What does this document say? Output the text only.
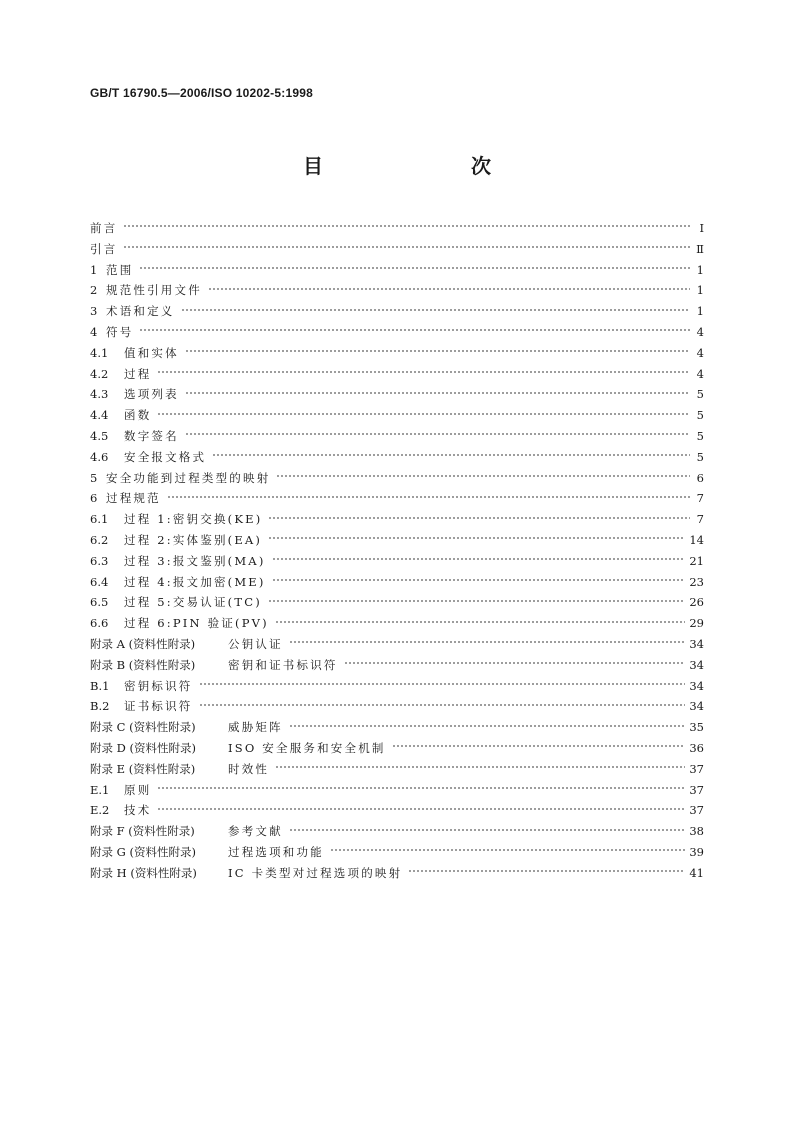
GB/T 16790.5—2006/ISO 10202-5:1998
目　　次
前言	Ⅰ
引言	Ⅱ
1 范围	1
2 规范性引用文件	1
3 术语和定义	1
4 符号	4
4.1	值和实体	4
4.2	过程	4
4.3	选项列表	5
4.4	函数	5
4.5	数字签名	5
4.6	安全报文格式	5
5 安全功能到过程类型的映射	6
6 过程规范	7
6.1	过程 1:密钥交换(KE)	7
6.2	过程 2:实体鉴别(EA)	14
6.3	过程 3:报文鉴别(MA)	21
6.4	过程 4:报文加密(ME)	23
6.5	过程 5:交易认证(TC)	26
6.6	过程 6:PIN 验证(PV)	29
附录 A (资料性附录)	公钥认证	34
附录 B (资料性附录)	密钥和证书标识符	34
B.1	密钥标识符	34
B.2	证书标识符	34
附录 C (资料性附录)	威胁矩阵	35
附录 D (资料性附录)	ISO 安全服务和安全机制	36
附录 E (资料性附录)	时效性	37
E.1	原则	37
E.2	技术	37
附录 F (资料性附录)	参考文献	38
附录 G (资料性附录)	过程选项和功能	39
附录 H (资料性附录)	IC 卡类型对过程选项的映射	41
